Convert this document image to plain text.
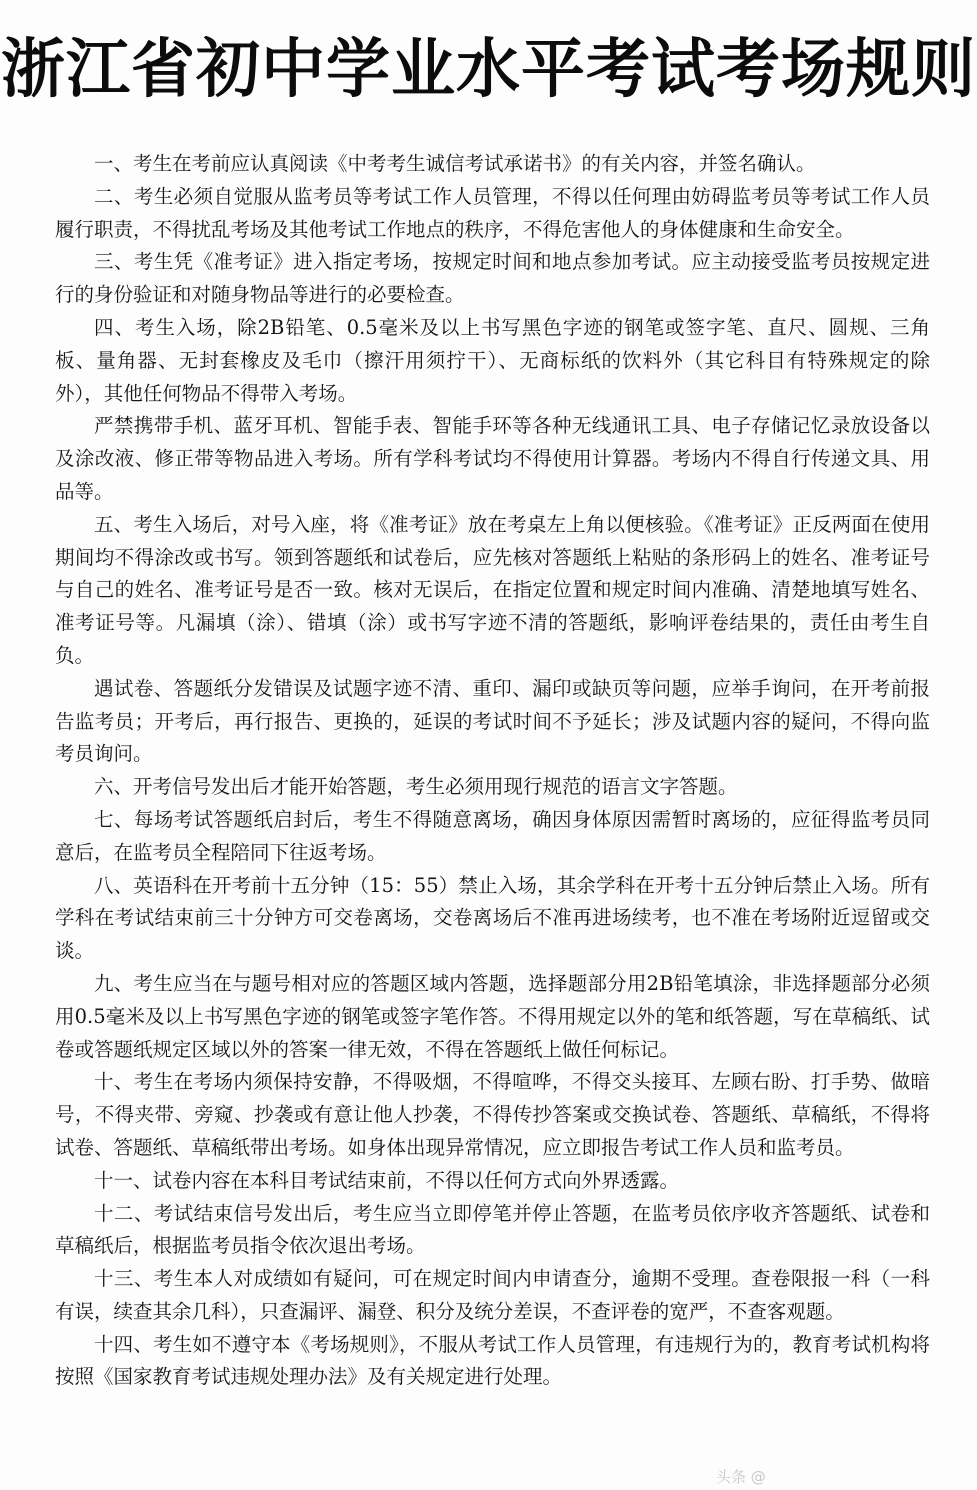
浙江省初中学业水平考试考场规则

一、考生在考前应认真阅读《中考考生诚信考试承诺书》的有关内容，并签名确认。

二、考生必须自觉服从监考员等考试工作人员管理，不得以任何理由妨碍监考员等考试工作人员履行职责，不得扰乱考场及其他考试工作地点的秩序，不得危害他人的身体健康和生命安全。

三、考生凭《准考证》进入指定考场，按规定时间和地点参加考试。应主动接受监考员按规定进行的身份验证和对随身物品等进行的必要检查。

四、考生入场，除2B铅笔、0.5毫米及以上书写黑色字迹的钢笔或签字笔、直尺、圆规、三角板、量角器、无封套橡皮及毛巾（擦汗用须拧干）、无商标纸的饮料外（其它科目有特殊规定的除外），其他任何物品不得带入考场。

严禁携带手机、蓝牙耳机、智能手表、智能手环等各种无线通讯工具、电子存储记忆录放设备以及涂改液、修正带等物品进入考场。所有学科考试均不得使用计算器。考场内不得自行传递文具、用品等。

五、考生入场后，对号入座，将《准考证》放在考桌左上角以便核验。《准考证》正反两面在使用期间均不得涂改或书写。领到答题纸和试卷后，应先核对答题纸上粘贴的条形码上的姓名、准考证号与自己的姓名、准考证号是否一致。核对无误后，在指定位置和规定时间内准确、清楚地填写姓名、准考证号等。凡漏填（涂）、错填（涂）或书写字迹不清的答题纸，影响评卷结果的，责任由考生自负。

遇试卷、答题纸分发错误及试题字迹不清、重印、漏印或缺页等问题，应举手询问，在开考前报告监考员；开考后，再行报告、更换的，延误的考试时间不予延长；涉及试题内容的疑问，不得向监考员询问。

六、开考信号发出后才能开始答题，考生必须用现行规范的语言文字答题。

七、每场考试答题纸启封后，考生不得随意离场，确因身体原因需暂时离场的，应征得监考员同意后，在监考员全程陪同下往返考场。

八、英语科在开考前十五分钟（15：55）禁止入场，其余学科在开考十五分钟后禁止入场。所有学科在考试结束前三十分钟方可交卷离场，交卷离场后不准再进场续考，也不准在考场附近逗留或交谈。

九、考生应当在与题号相对应的答题区域内答题，选择题部分用2B铅笔填涂，非选择题部分必须用0.5毫米及以上书写黑色字迹的钢笔或签字笔作答。不得用规定以外的笔和纸答题，写在草稿纸、试卷或答题纸规定区域以外的答案一律无效，不得在答题纸上做任何标记。

十、考生在考场内须保持安静，不得吸烟，不得喧哗，不得交头接耳、左顾右盼、打手势、做暗号，不得夹带、旁窥、抄袭或有意让他人抄袭，不得传抄答案或交换试卷、答题纸、草稿纸，不得将试卷、答题纸、草稿纸带出考场。如身体出现异常情况，应立即报告考试工作人员和监考员。

十一、试卷内容在本科目考试结束前，不得以任何方式向外界透露。

十二、考试结束信号发出后，考生应当立即停笔并停止答题，在监考员依序收齐答题纸、试卷和草稿纸后，根据监考员指令依次退出考场。

十三、考生本人对成绩如有疑问，可在规定时间内申请查分，逾期不受理。查卷限报一科（一科有误，续查其余几科），只查漏评、漏登、积分及统分差误，不查评卷的宽严，不查客观题。

十四、考生如不遵守本《考场规则》，不服从考试工作人员管理，有违规行为的，教育考试机构将按照《国家教育考试违规处理办法》及有关规定进行处理。

头条 @
